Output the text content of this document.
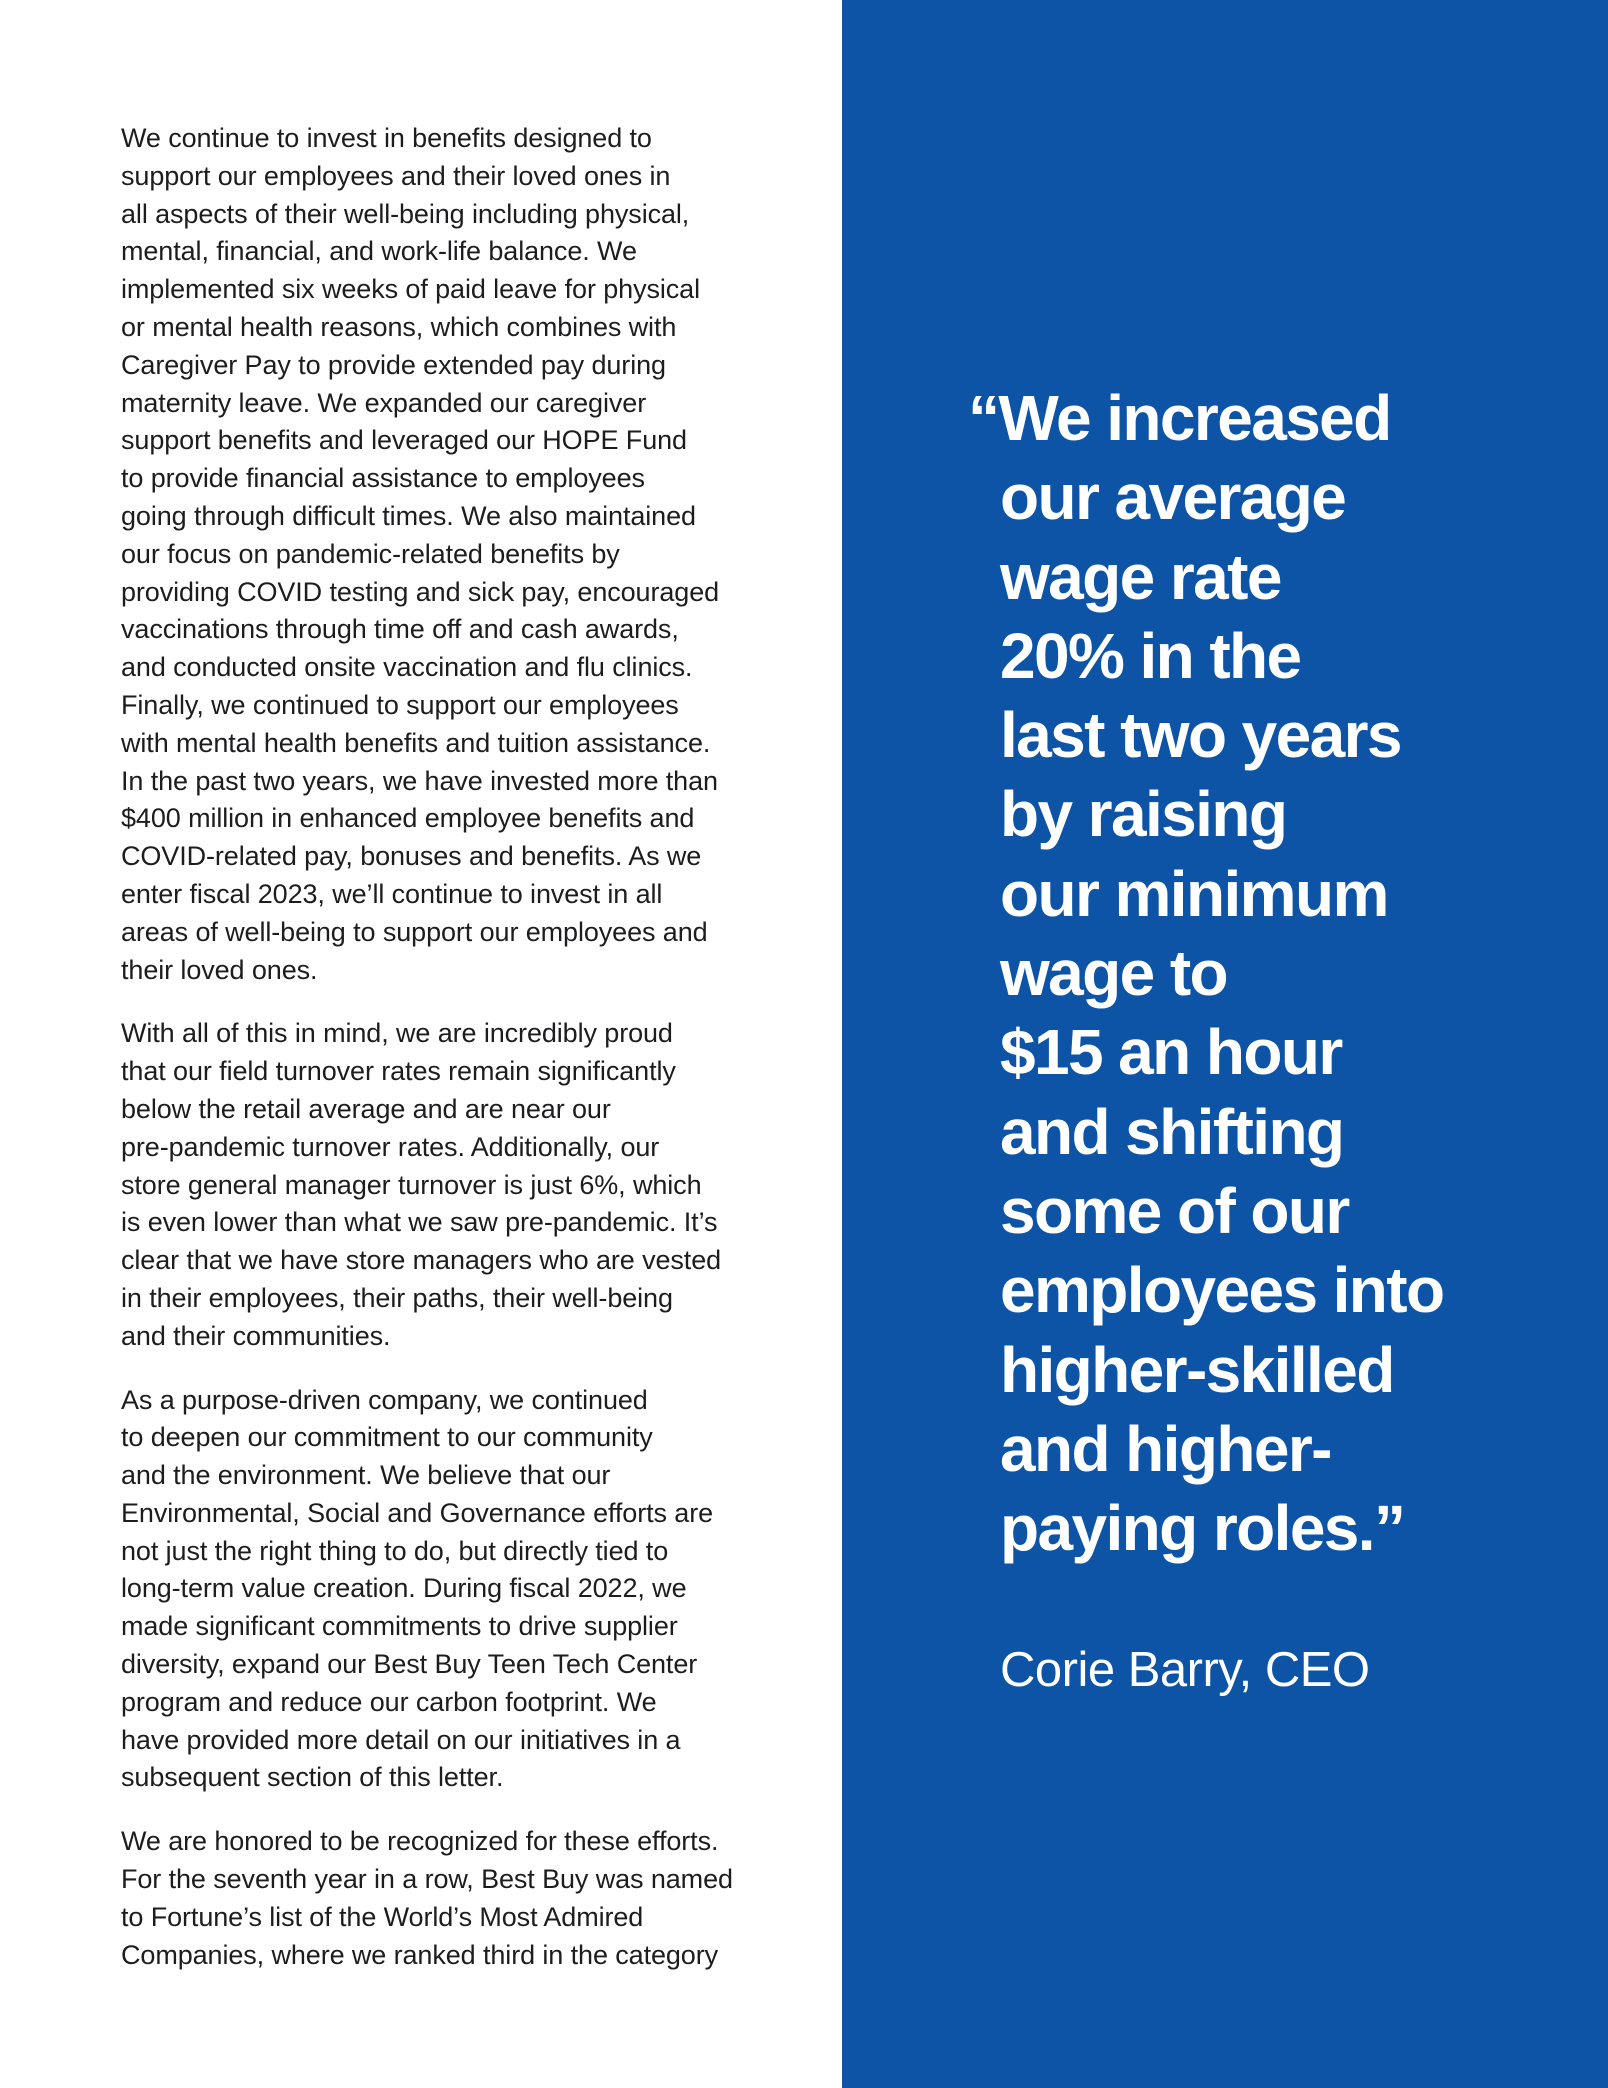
We continue to invest in benefits designed to
support our employees and their loved ones in
all aspects of their well-being including physical,
mental, financial, and work-life balance. We
implemented six weeks of paid leave for physical
or mental health reasons, which combines with
Caregiver Pay to provide extended pay during
maternity leave. We expanded our caregiver
support benefits and leveraged our HOPE Fund
to provide financial assistance to employees
going through difficult times. We also maintained
our focus on pandemic-related benefits by
providing COVID testing and sick pay, encouraged
vaccinations through time off and cash awards,
and conducted onsite vaccination and flu clinics.
Finally, we continued to support our employees
with mental health benefits and tuition assistance.
In the past two years, we have invested more than
$400 million in enhanced employee benefits and
COVID-related pay, bonuses and benefits. As we
enter fiscal 2023, we’ll continue to invest in all
areas of well-being to support our employees and
their loved ones.

With all of this in mind, we are incredibly proud
that our field turnover rates remain significantly
below the retail average and are near our
pre-pandemic turnover rates. Additionally, our
store general manager turnover is just 6%, which
is even lower than what we saw pre-pandemic. It’s
clear that we have store managers who are vested
in their employees, their paths, their well-being
and their communities.

As a purpose-driven company, we continued
to deepen our commitment to our community
and the environment. We believe that our
Environmental, Social and Governance efforts are
not just the right thing to do, but directly tied to
long-term value creation. During fiscal 2022, we
made significant commitments to drive supplier
diversity, expand our Best Buy Teen Tech Center
program and reduce our carbon footprint. We
have provided more detail on our initiatives in a
subsequent section of this letter.

We are honored to be recognized for these efforts.
For the seventh year in a row, Best Buy was named
to Fortune’s list of the World’s Most Admired
Companies, where we ranked third in the category

“We increased
our average
wage rate
20% in the
last two years
by raising
our minimum
wage to
$15 an hour
and shifting
some of our
employees into
higher-skilled
and higher-
paying roles.”

Corie Barry, CEO
